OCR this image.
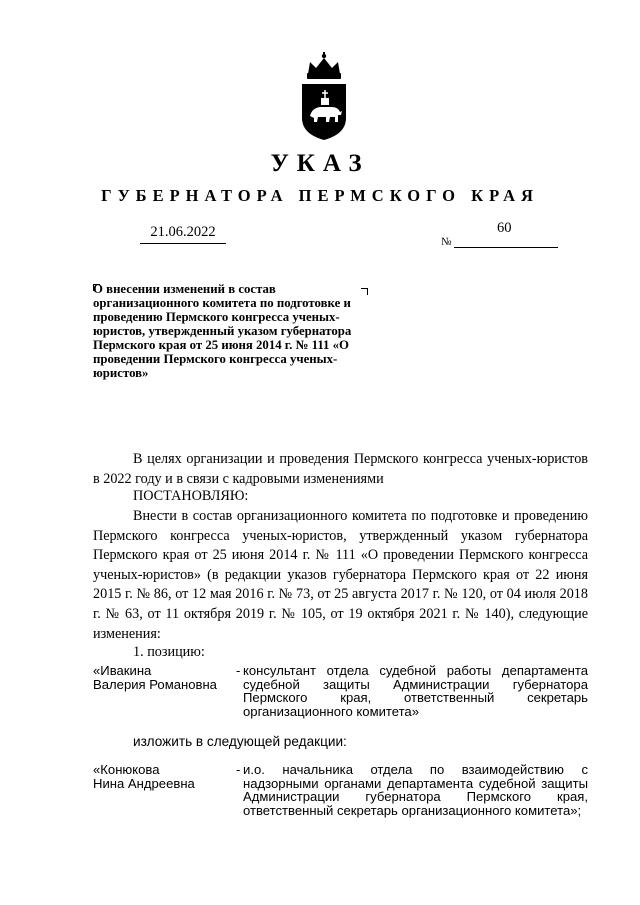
УКАЗ
ГУБЕРНАТОРА ПЕРМСКОГО КРАЯ
21.06.2022	60
№
О внесении изменений в состав организационного комитета по подготовке и проведению Пермского конгресса ученых-юристов, утвержденный указом губернатора Пермского края от 25 июня 2014 г. № 111 «О проведении Пермского конгресса ученых-юристов»
В целях организации и проведения Пермского конгресса ученых-юристов в 2022 году и в связи с кадровыми изменениями
ПОСТАНОВЛЯЮ:
Внести в состав организационного комитета по подготовке и проведению Пермского конгресса ученых-юристов, утвержденный указом губернатора Пермского края от 25 июня 2014 г. № 111 «О проведении Пермского конгресса ученых-юристов» (в редакции указов губернатора Пермского края от 22 июня 2015 г. № 86, от 12 мая 2016 г. № 73, от 25 августа 2017 г. № 120, от 04 июля 2018 г. № 63, от 11 октября 2019 г. № 105, от 19 октября 2021 г. № 140), следующие изменения:
1. позицию:
«Ивакина
Валерия Романовна
- консультант отдела судебной работы департамента судебной защиты Администрации губернатора Пермского края, ответственный секретарь организационного комитета»
изложить в следующей редакции:
«Конюкова
Нина Андреевна
- и.о. начальника отдела по взаимодействию с надзорными органами департамента судебной защиты Администрации губернатора Пермского края, ответственный секретарь организационного комитета»;
